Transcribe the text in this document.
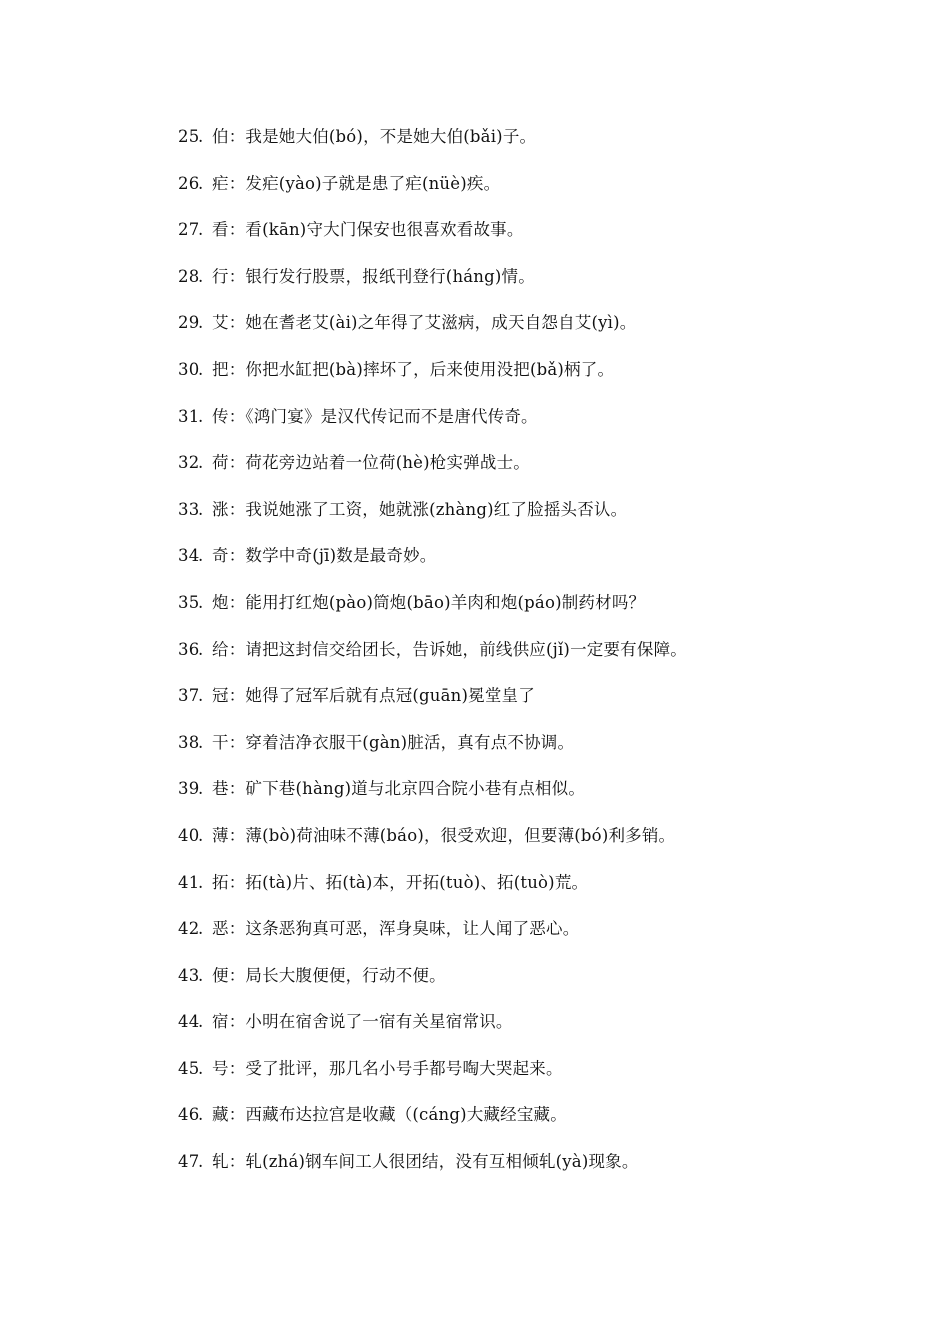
25. 伯：我是她大伯(bó)，不是她大伯(bǎi)子。
26. 疟：发疟(yào)子就是患了疟(nüè)疾。
27. 看：看(kān)守大门保安也很喜欢看故事。
28. 行：银行发行股票，报纸刊登行(háng)情。
29. 艾：她在耆老艾(ài)之年得了艾滋病，成天自怨自艾(yì)。
30. 把：你把水缸把(bà)摔坏了，后来使用没把(bǎ)柄了。
31. 传：《鸿门宴》是汉代传记而不是唐代传奇。
32. 荷：荷花旁边站着一位荷(hè)枪实弹战士。
33. 涨：我说她涨了工资，她就涨(zhàng)红了脸摇头否认。
34. 奇：数学中奇(jī)数是最奇妙。
35. 炮：能用打红炮(pào)筒炮(bāo)羊肉和炮(páo)制药材吗？
36. 给：请把这封信交给团长，告诉她，前线供应(jǐ)一定要有保障。
37. 冠：她得了冠军后就有点冠(guān)冕堂皇了
38. 干：穿着洁净衣服干(gàn)脏活，真有点不协调。
39. 巷：矿下巷(hàng)道与北京四合院小巷有点相似。
40. 薄：薄(bò)荷油味不薄(báo)，很受欢迎，但要薄(bó)利多销。
41. 拓：拓(tà)片、拓(tà)本，开拓(tuò)、拓(tuò)荒。
42. 恶：这条恶狗真可恶，浑身臭味，让人闻了恶心。
43. 便：局长大腹便便，行动不便。
44. 宿：小明在宿舍说了一宿有关星宿常识。
45. 号：受了批评，那几名小号手都号啕大哭起来。
46. 藏：西藏布达拉宫是收藏（(cáng)大藏经宝藏。
47. 轧：轧(zhá)钢车间工人很团结，没有互相倾轧(yà)现象。
